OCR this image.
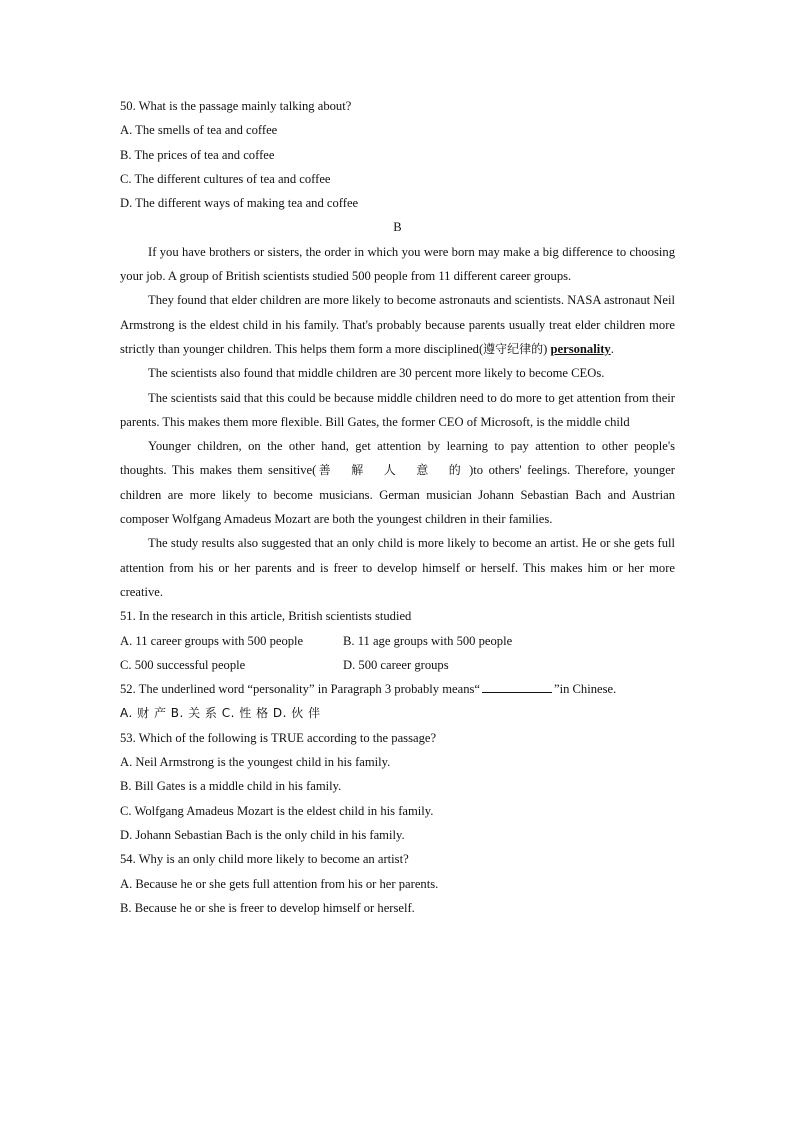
50. What is the passage mainly talking about?
A. The smells of tea and coffee
B. The prices of tea and coffee
C. The different cultures of tea and coffee
D. The different ways of making tea and coffee
B

If you have brothers or sisters, the order in which you were born may make a big difference to choosing your job. A group of British scientists studied 500 people from 11 different career groups.

They found that elder children are more likely to become astronauts and scientists. NASA astronaut Neil Armstrong is the eldest child in his family. That's probably because parents usually treat elder children more strictly than younger children. This helps them form a more disciplined(遵守纪律的) personality.

The scientists also found that middle children are 30 percent more likely to become CEOs.

The scientists said that this could be because middle children need to do more to get attention from their parents. This makes them more flexible. Bill Gates, the former CEO of Microsoft, is the middle child

Younger children, on the other hand, get attention by learning to pay attention to other people's thoughts. This makes them sensitive(善 解 人 意 的)to others' feelings. Therefore, younger children are more likely to become musicians. German musician Johann Sebastian Bach and Austrian composer Wolfgang Amadeus Mozart are both the youngest children in their families.

The study results also suggested that an only child is more likely to become an artist. He or she gets full attention from his or her parents and is freer to develop himself or herself. This makes him or her more creative.

51. In the research in this article, British scientists studied
A. 11 career groups with 500 people	B. 11 age groups with 500 people
C. 500 successful people	D. 500 career groups
52. The underlined word “personality” in Paragraph 3 probably means“	”in Chinese.
A. 财 产 B. 关 系 C. 性 格 D. 伙 伴
53. Which of the following is TRUE according to the passage?
A. Neil Armstrong is the youngest child in his family.
B. Bill Gates is a middle child in his family.
C. Wolfgang Amadeus Mozart is the eldest child in his family.
D. Johann Sebastian Bach is the only child in his family.
54. Why is an only child more likely to become an artist?
A. Because he or she gets full attention from his or her parents.
B. Because he or she is freer to develop himself or herself.
